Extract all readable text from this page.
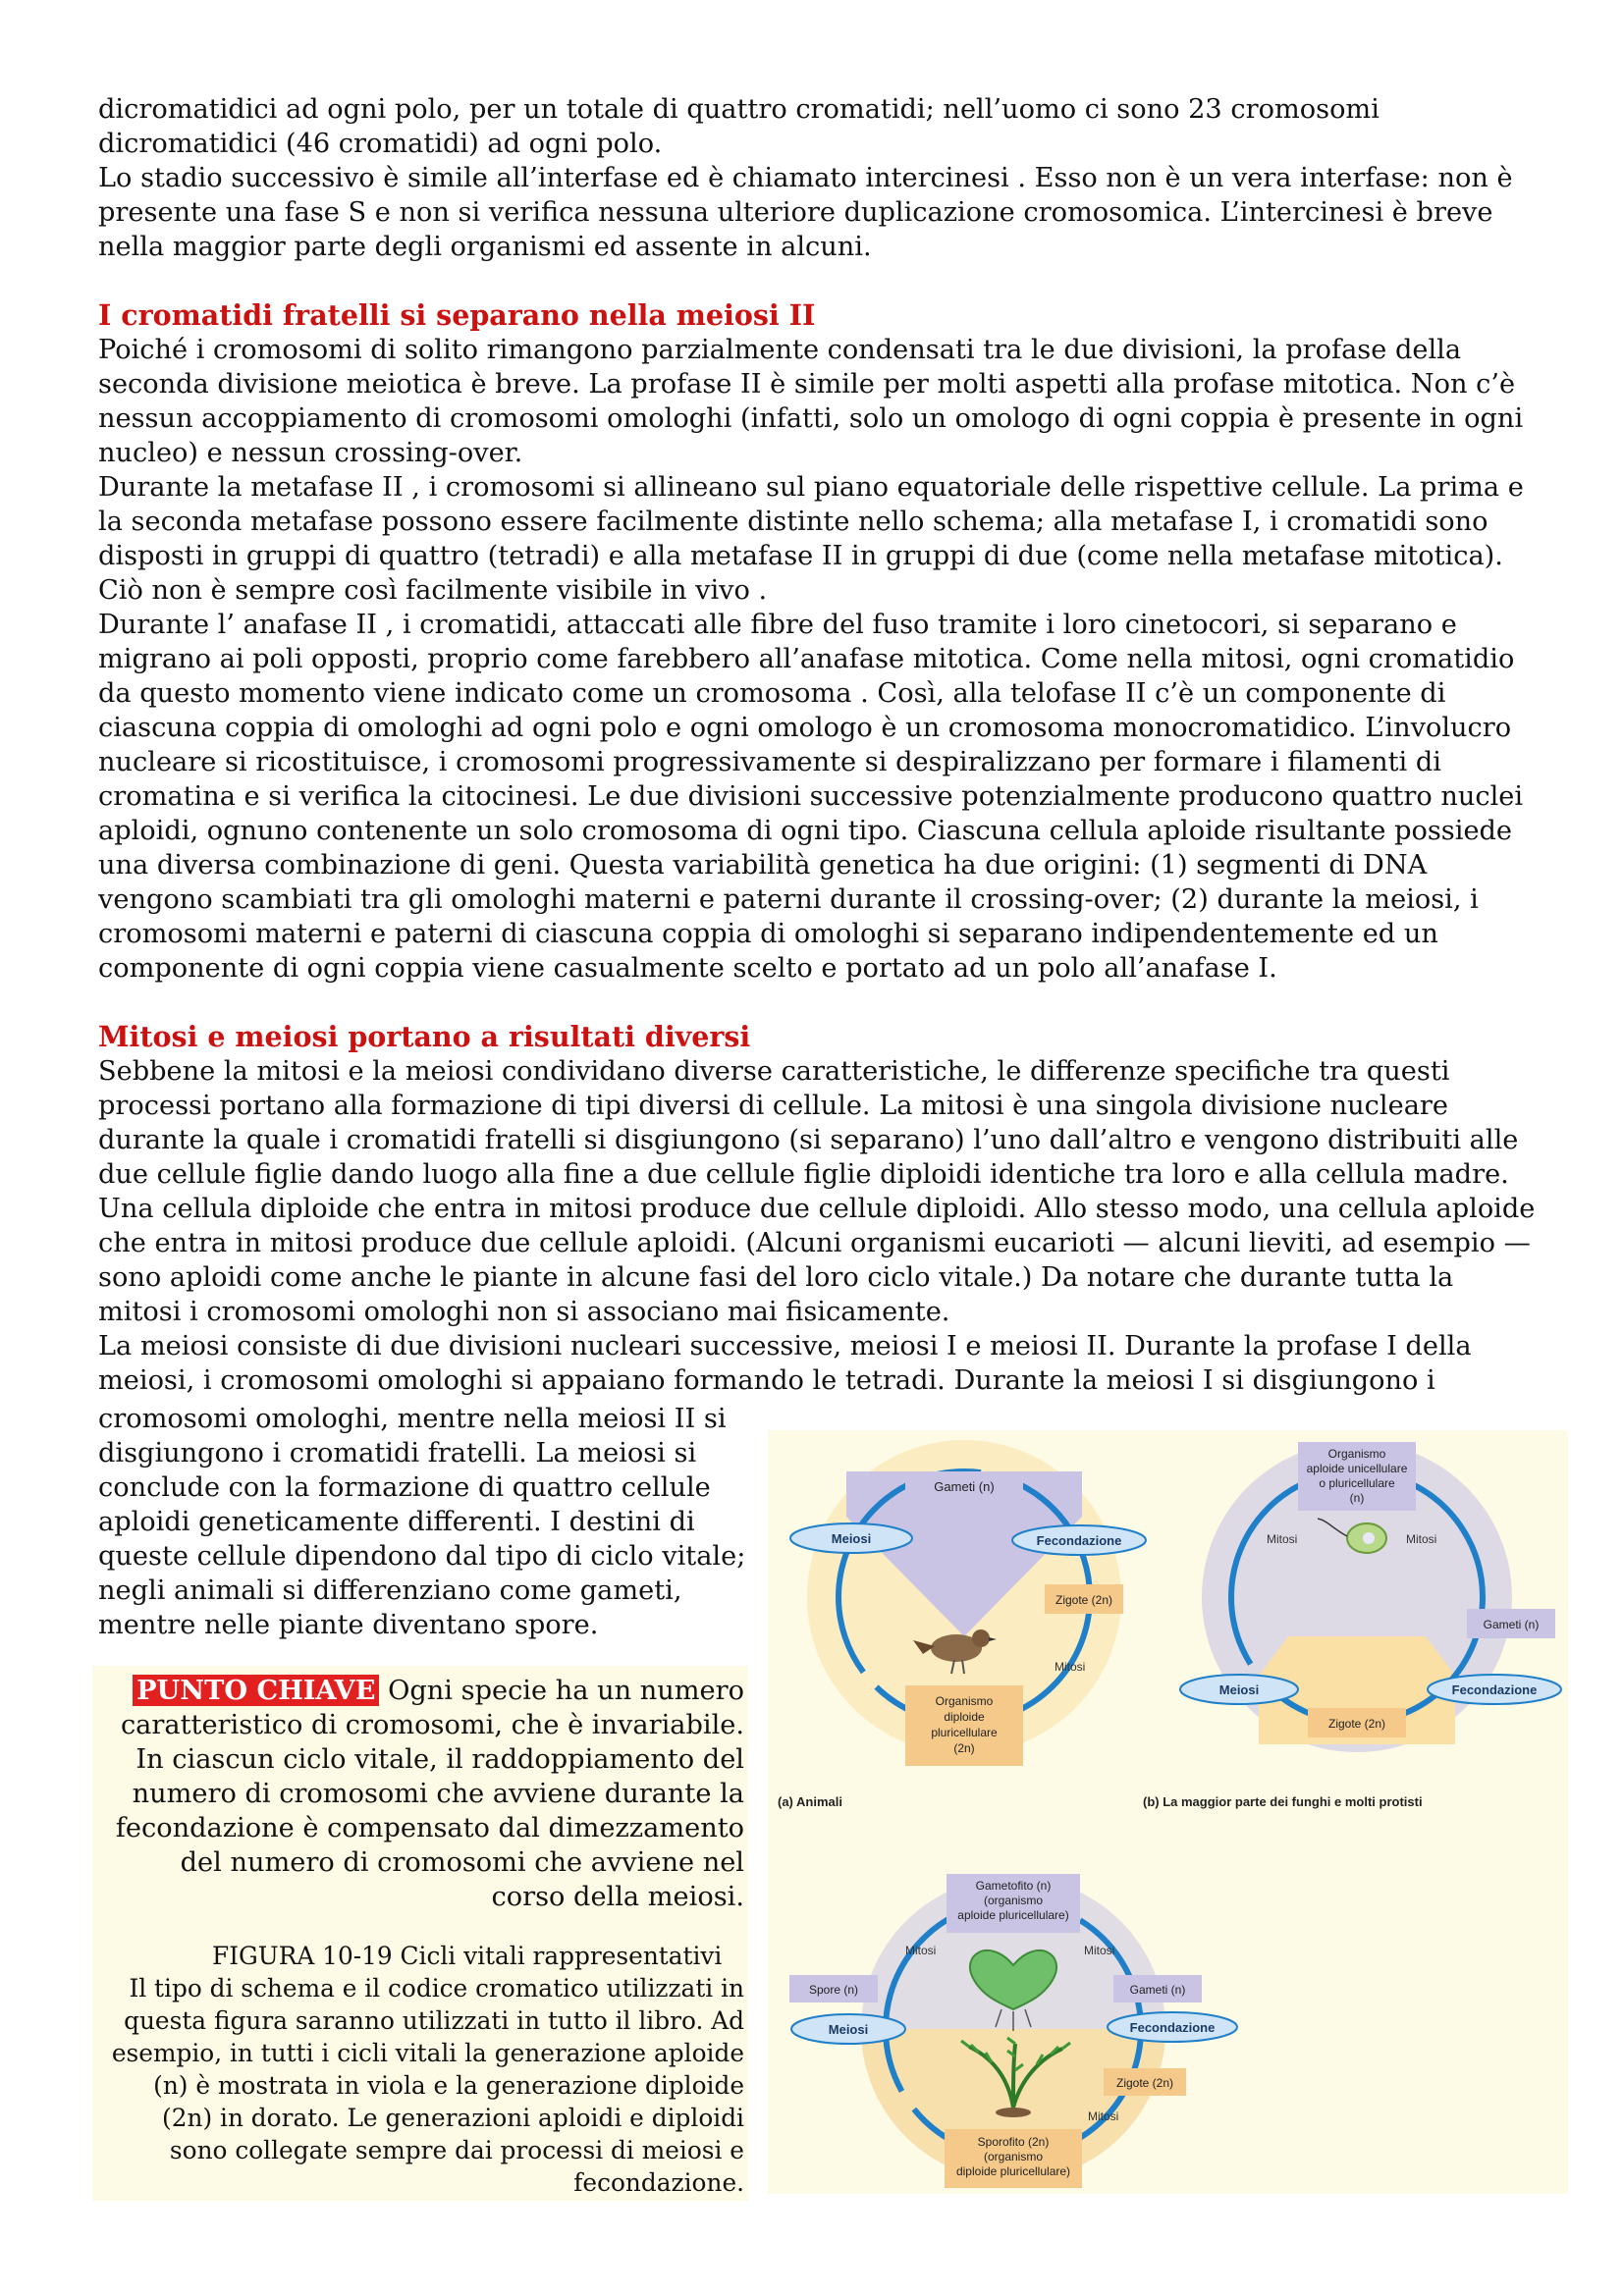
dicromatidici ad ogni polo, per un totale di quattro cromatidi; nell’uomo ci sono 23 cromosomi dicromatidici (46 cromatidi) ad ogni polo.

Lo stadio successivo è simile all’interfase ed è chiamato intercinesi . Esso non è un vera interfase: non è presente una fase S e non si verifica nessuna ulteriore duplicazione cromosomica. L’intercinesi è breve nella maggior parte degli organismi ed assente in alcuni.

I cromatidi fratelli si separano nella meiosi II

Poiché i cromosomi di solito rimangono parzialmente condensati tra le due divisioni, la profase della seconda divisione meiotica è breve. La profase II è simile per molti aspetti alla profase mitotica. Non c’è nessun accoppiamento di cromosomi omologhi (infatti, solo un omologo di ogni coppia è presente in ogni nucleo) e nessun crossing-over.

Durante la metafase II , i cromosomi si allineano sul piano equatoriale delle rispettive cellule. La prima e la seconda metafase possono essere facilmente distinte nello schema; alla metafase I, i cromatidi sono disposti in gruppi di quattro (tetradi) e alla metafase II in gruppi di due (come nella metafase mitotica). Ciò non è sempre così facilmente visibile in vivo .

Durante l’ anafase II , i cromatidi, attaccati alle fibre del fuso tramite i loro cinetocori, si separano e migrano ai poli opposti, proprio come farebbero all’anafase mitotica. Come nella mitosi, ogni cromatidio da questo momento viene indicato come un cromosoma . Così, alla telofase II c’è un componente di ciascuna coppia di omologhi ad ogni polo e ogni omologo è un cromosoma monocromatidico. L’involucro nucleare si ricostituisce, i cromosomi progressivamente si despiralizzano per formare i filamenti di cromatina e si verifica la citocinesi. Le due divisioni successive potenzialmente producono quattro nuclei aploidi, ognuno contenente un solo cromosoma di ogni tipo. Ciascuna cellula aploide risultante possiede una diversa combinazione di geni. Questa variabilità genetica ha due origini: (1) segmenti di DNA vengono scambiati tra gli omologhi materni e paterni durante il crossing-over; (2) durante la meiosi, i cromosomi materni e paterni di ciascuna coppia di omologhi si separano indipendentemente ed un componente di ogni coppia viene casualmente scelto e portato ad un polo all’anafase I.

Mitosi e meiosi portano a risultati diversi

Sebbene la mitosi e la meiosi condividano diverse caratteristiche, le differenze specifiche tra questi processi portano alla formazione di tipi diversi di cellule. La mitosi è una singola divisione nucleare durante la quale i cromatidi fratelli si disgiungono (si separano) l’uno dall’altro e vengono distribuiti alle due cellule figlie dando luogo alla fine a due cellule figlie diploidi identiche tra loro e alla cellula madre. Una cellula diploide che entra in mitosi produce due cellule diploidi. Allo stesso modo, una cellula aploide che entra in mitosi produce due cellule aploidi. (Alcuni organismi eucarioti — alcuni lieviti, ad esempio — sono aploidi come anche le piante in alcune fasi del loro ciclo vitale.) Da notare che durante tutta la mitosi i cromosomi omologhi non si associano mai fisicamente.

La meiosi consiste di due divisioni nucleari successive, meiosi I e meiosi II. Durante la profase I della meiosi, i cromosomi omologhi si appaiano formando le tetradi. Durante la meiosi I si disgiungono i

cromosomi omologhi, mentre nella meiosi II si

disgiungono i cromatidi fratelli. La meiosi si

conclude con la formazione di quattro cellule

aploidi geneticamente differenti. I destini di

queste cellule dipendono dal tipo di ciclo vitale;

negli animali si differenziano come gameti,

mentre nelle piante diventano spore.

PUNTO CHIAVE Ogni specie ha un numero caratteristico di cromosomi, che è invariabile. In ciascun ciclo vitale, il raddoppiamento del numero di cromosomi che avviene durante la fecondazione è compensato dal dimezzamento del numero di cromosomi che avviene nel corso della meiosi.

FIGURA 10-19 Cicli vitali rappresentativi
Il tipo di schema e il codice cromatico utilizzati in questa figura saranno utilizzati in tutto il libro. Ad esempio, in tutti i cicli vitali la generazione aploide (n) è mostrata in viola e la generazione diploide (2n) in dorato. Le generazioni aploidi e diploidi sono collegate sempre dai processi di meiosi e fecondazione.

Gameti (n)
Meiosi	Fecondazione
Zigote (2n)
Mitosi
Organismo
diploide
pluricellulare
(2n)
(a) Animali
Organismo
aploide unicellulare
o pluricellulare
(n)
Mitosi	Mitosi
Gameti (n)
Meiosi	Fecondazione
Zigote (2n)
(b) La maggior parte dei funghi e molti protisti
Gametofito (n)
(organismo
aploide pluricellulare)
Mitosi	Mitosi
Spore (n)	Gameti (n)
Meiosi	Fecondazione
Zigote (2n)
Mitosi
Sporofito (2n)
(organismo
diploide pluricellulare)
